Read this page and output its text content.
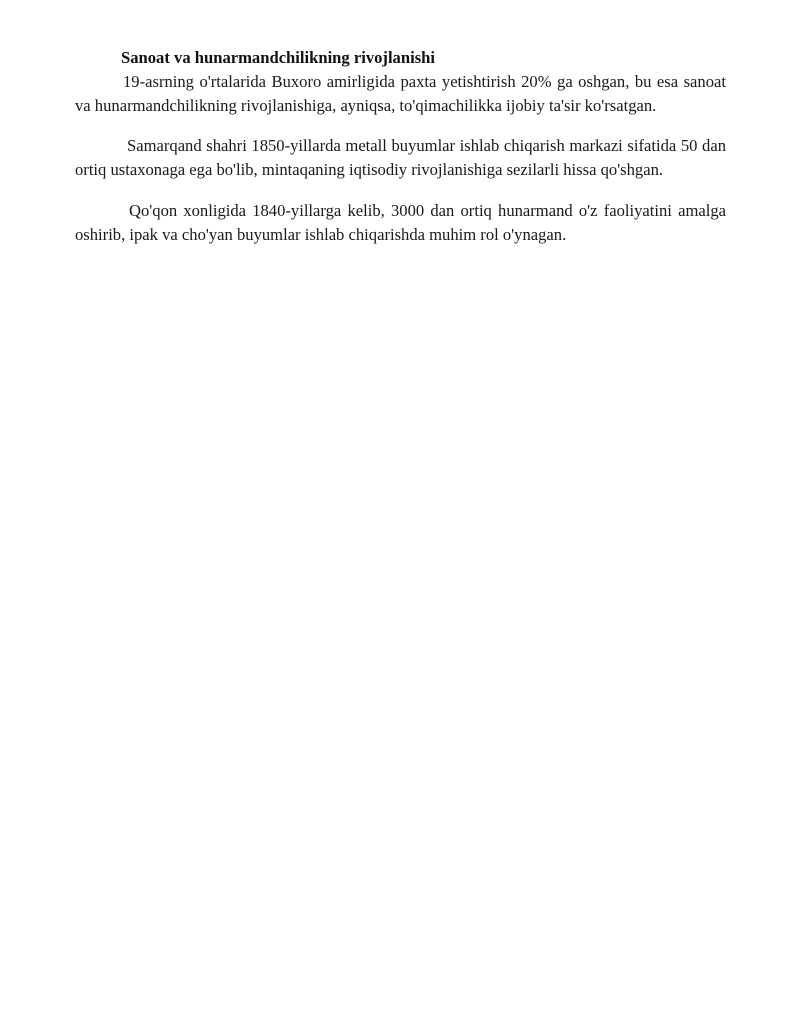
Sanoat va hunarmandchilikning rivojlanishi

19-asrning o'rtalarida Buxoro amirligida paxta yetishtirish 20% ga oshgan, bu esa sanoat va hunarmandchilikning rivojlanishiga, ayniqsa, to'qimachilikka ijobiy ta'sir ko'rsatgan.

Samarqand shahri 1850-yillarda metall buyumlar ishlab chiqarish markazi sifatida 50 dan ortiq ustaxonaga ega bo'lib, mintaqaning iqtisodiy rivojlanishiga sezilarli hissa qo'shgan.

Qo'qon xonligida 1840-yillarga kelib, 3000 dan ortiq hunarmand o'z faoliyatini amalga oshirib, ipak va cho'yan buyumlar ishlab chiqarishda muhim rol o'ynagan.
